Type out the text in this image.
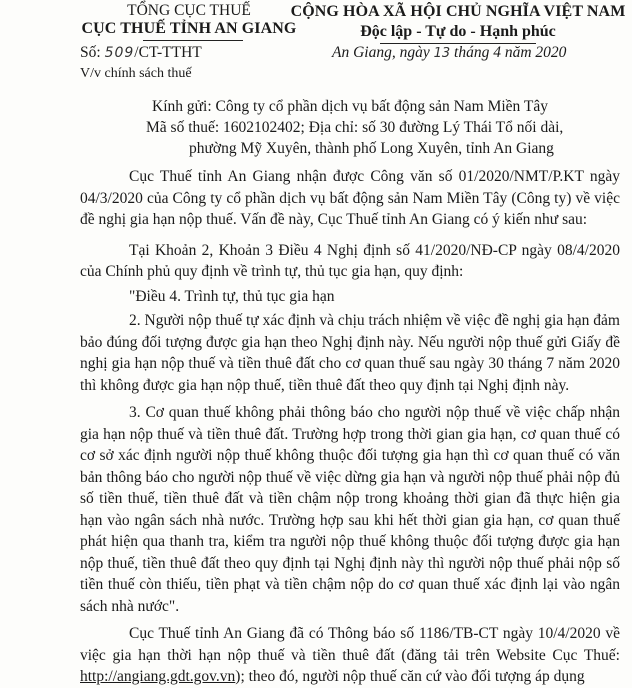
TỔNG CỤC THUẾ
CỤC THUẾ TỈNH AN GIANG
CỘNG HÒA XÃ HỘI CHỦ NGHĨA VIỆT NAM
Độc lập - Tự do - Hạnh phúc
Số: 509/CT-TTHT
V/v chính sách thuế
An Giang, ngày 13 tháng 4 năm 2020
Kính gửi: Công ty cổ phần dịch vụ bất động sản Nam Miền Tây
Mã số thuế: 1602102402; Địa chỉ: số 30 đường Lý Thái Tổ nối dài,
phường Mỹ Xuyên, thành phố Long Xuyên, tỉnh An Giang

Cục Thuế tỉnh An Giang nhận được Công văn số 01/2020/NMT/P.KT ngày 04/3/2020 của Công ty cổ phần dịch vụ bất động sản Nam Miền Tây (Công ty) về việc đề nghị gia hạn nộp thuế. Vấn đề này, Cục Thuế tỉnh An Giang có ý kiến như sau:

Tại Khoản 2, Khoản 3 Điều 4 Nghị định số 41/2020/NĐ-CP ngày 08/4/2020 của Chính phủ quy định về trình tự, thủ tục gia hạn, quy định:

"Điều 4. Trình tự, thủ tục gia hạn

2. Người nộp thuế tự xác định và chịu trách nhiệm về việc đề nghị gia hạn đảm bảo đúng đối tượng được gia hạn theo Nghị định này. Nếu người nộp thuế gửi Giấy đề nghị gia hạn nộp thuế và tiền thuê đất cho cơ quan thuế sau ngày 30 tháng 7 năm 2020 thì không được gia hạn nộp thuế, tiền thuê đất theo quy định tại Nghị định này.

3. Cơ quan thuế không phải thông báo cho người nộp thuế về việc chấp nhận gia hạn nộp thuế và tiền thuê đất. Trường hợp trong thời gian gia hạn, cơ quan thuế có cơ sở xác định người nộp thuế không thuộc đối tượng gia hạn thì cơ quan thuế có văn bản thông báo cho người nộp thuế về việc dừng gia hạn và người nộp thuế phải nộp đủ số tiền thuế, tiền thuê đất và tiền chậm nộp trong khoảng thời gian đã thực hiện gia hạn vào ngân sách nhà nước. Trường hợp sau khi hết thời gian gia hạn, cơ quan thuế phát hiện qua thanh tra, kiểm tra người nộp thuế không thuộc đối tượng được gia hạn nộp thuế, tiền thuê đất theo quy định tại Nghị định này thì người nộp thuế phải nộp số tiền thuế còn thiếu, tiền phạt và tiền chậm nộp do cơ quan thuế xác định lại vào ngân sách nhà nước".

Cục Thuế tỉnh An Giang đã có Thông báo số 1186/TB-CT ngày 10/4/2020 về việc gia hạn thời hạn nộp thuế và tiền thuê đất (đăng tải trên Website Cục Thuế: http://angiang.gdt.gov.vn); theo đó, người nộp thuế căn cứ vào đối tượng áp dụng
